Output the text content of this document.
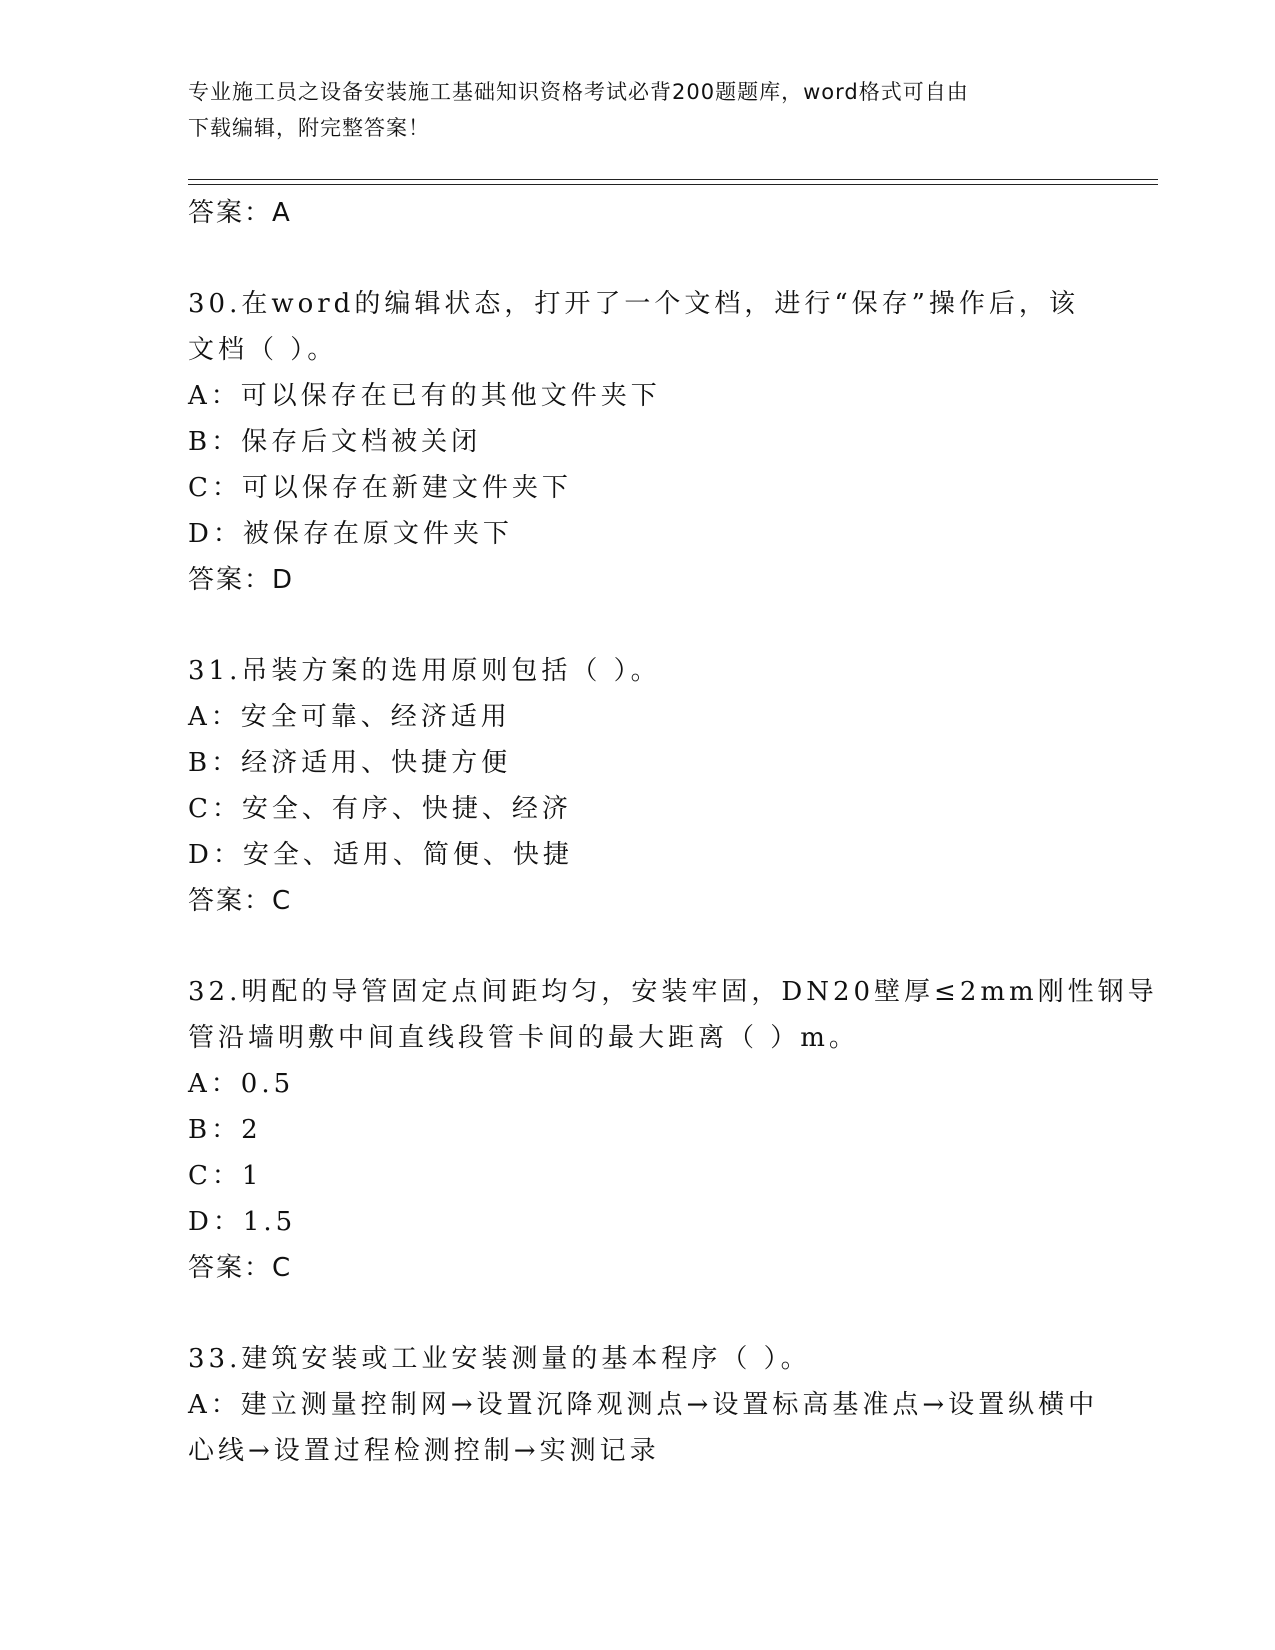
专业施工员之设备安装施工基础知识资格考试必背200题题库，word格式可自由
下载编辑，附完整答案！
答案：A
30.在word的编辑状态，打开了一个文档，进行“保存”操作后，该
文档（ ）。
A：可以保存在已有的其他文件夹下
B：保存后文档被关闭
C：可以保存在新建文件夹下
D：被保存在原文件夹下
答案：D
31.吊装方案的选用原则包括（ ）。
A：安全可靠、经济适用
B：经济适用、快捷方便
C：安全、有序、快捷、经济
D：安全、适用、简便、快捷
答案：C
32.明配的导管固定点间距均匀，安装牢固，DN20壁厚≤2mm刚性钢导
管沿墙明敷中间直线段管卡间的最大距离（ ）m。
A：0.5
B：2
C：1
D：1.5
答案：C
33.建筑安装或工业安装测量的基本程序（ ）。
A：建立测量控制网→设置沉降观测点→设置标高基准点→设置纵横中
心线→设置过程检测控制→实测记录
